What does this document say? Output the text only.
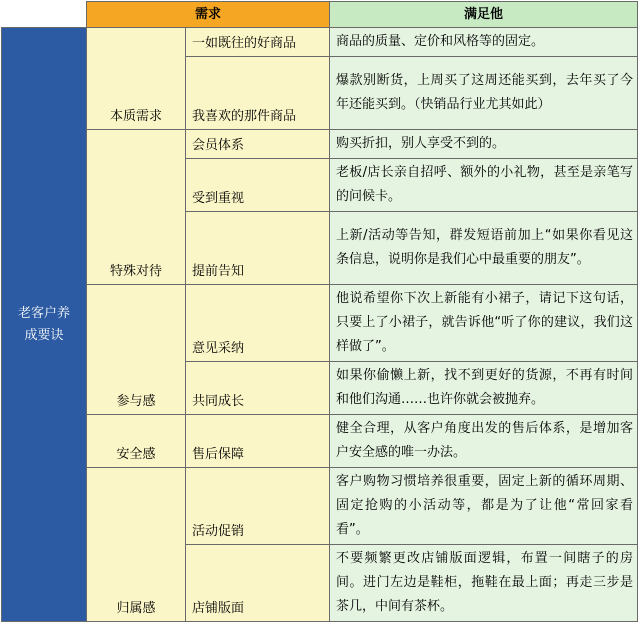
	需求		满足他
老客户养成要诀	本质需求	一如既往的好商品	商品的质量、定价和风格等的固定。
		我喜欢的那件商品	爆款别断货，上周买了这周还能买到，去年买了今年还能买到。（快销品行业尤其如此）
	特殊对待	会员体系	购买折扣，别人享受不到的。
		受到重视	老板/店长亲自招呼、额外的小礼物，甚至是亲笔写的问候卡。
		提前告知	上新/活动等告知，群发短语前加上“如果你看见这条信息，说明你是我们心中最重要的朋友”。
	参与感	意见采纳	他说希望你下次上新能有小裙子，请记下这句话，只要上了小裙子，就告诉他“听了你的建议，我们这样做了”。
		共同成长	如果你偷懒上新，找不到更好的货源，不再有时间和他们沟通……也许你就会被抛弃。
	安全感	售后保障	健全合理，从客户角度出发的售后体系，是增加客户安全感的唯一办法。
	归属感	活动促销	客户购物习惯培养很重要，固定上新的循环周期、固定抢购的小活动等，都是为了让他“常回家看看”。
		店铺版面	不要频繁更改店铺版面逻辑，布置一间瞎子的房间。进门左边是鞋柜，拖鞋在最上面；再走三步是茶几，中间有茶杯。
